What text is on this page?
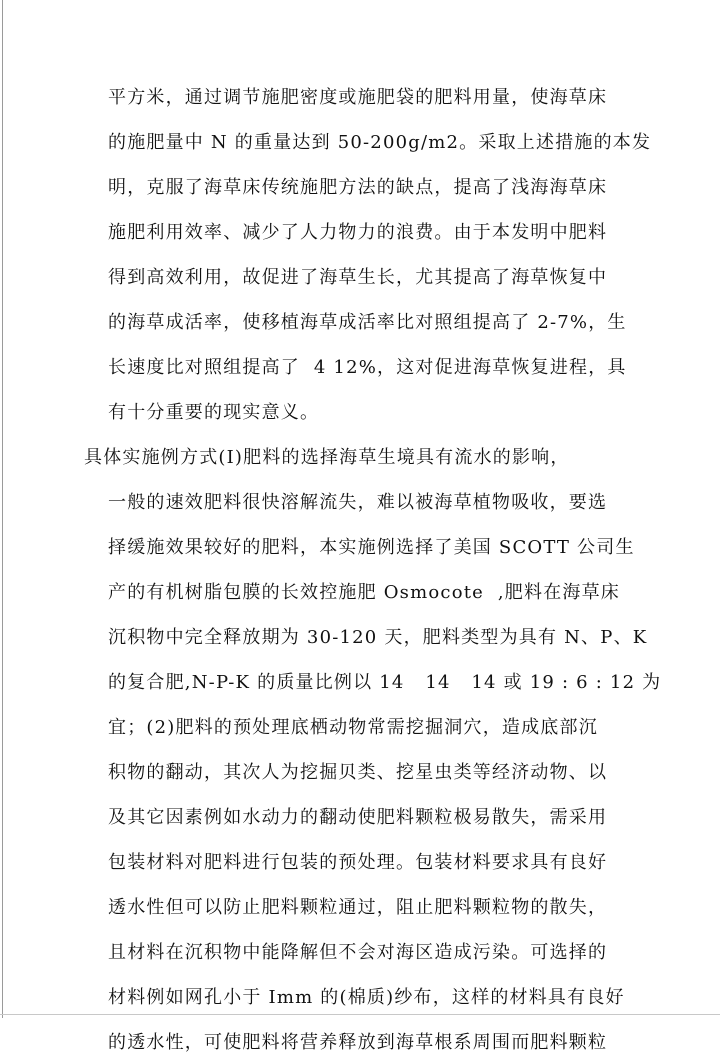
平方米，通过调节施肥密度或施肥袋的肥料用量，使海草床
的施肥量中 N 的重量达到 50-200g/m2。采取上述措施的本发
明，克服了海草床传统施肥方法的缺点，提高了浅海海草床
施肥利用效率、减少了人力物力的浪费。由于本发明中肥料
得到高效利用，故促进了海草生长，尤其提高了海草恢复中
的海草成活率，使移植海草成活率比对照组提高了 2-7%，生
长速度比对照组提高了  4 12%，这对促进海草恢复进程，具
有十分重要的现实意义。
具体实施例方式(I)肥料的选择海草生境具有流水的影响，
一般的速效肥料很快溶解流失，难以被海草植物吸收，要选
择缓施效果较好的肥料，本实施例选择了美国 SCOTT 公司生
产的有机树脂包膜的长效控施肥 Osmocote  ,肥料在海草床
沉积物中完全释放期为 30-120 天，肥料类型为具有 N、P、K
的复合肥,N-P-K 的质量比例以 14   14   14 或 19 : 6 : 12 为
宜；(2)肥料的预处理底栖动物常需挖掘洞穴，造成底部沉
积物的翻动，其次人为挖掘贝类、挖星虫类等经济动物、以
及其它因素例如水动力的翻动使肥料颗粒极易散失，需采用
包装材料对肥料进行包装的预处理。包装材料要求具有良好
透水性但可以防止肥料颗粒通过，阻止肥料颗粒物的散失，
且材料在沉积物中能降解但不会对海区造成污染。可选择的
材料例如网孔小于 Imm 的(棉质)纱布，这样的材料具有良好
的透水性，可使肥料将营养释放到海草根系周围而肥料颗粒
